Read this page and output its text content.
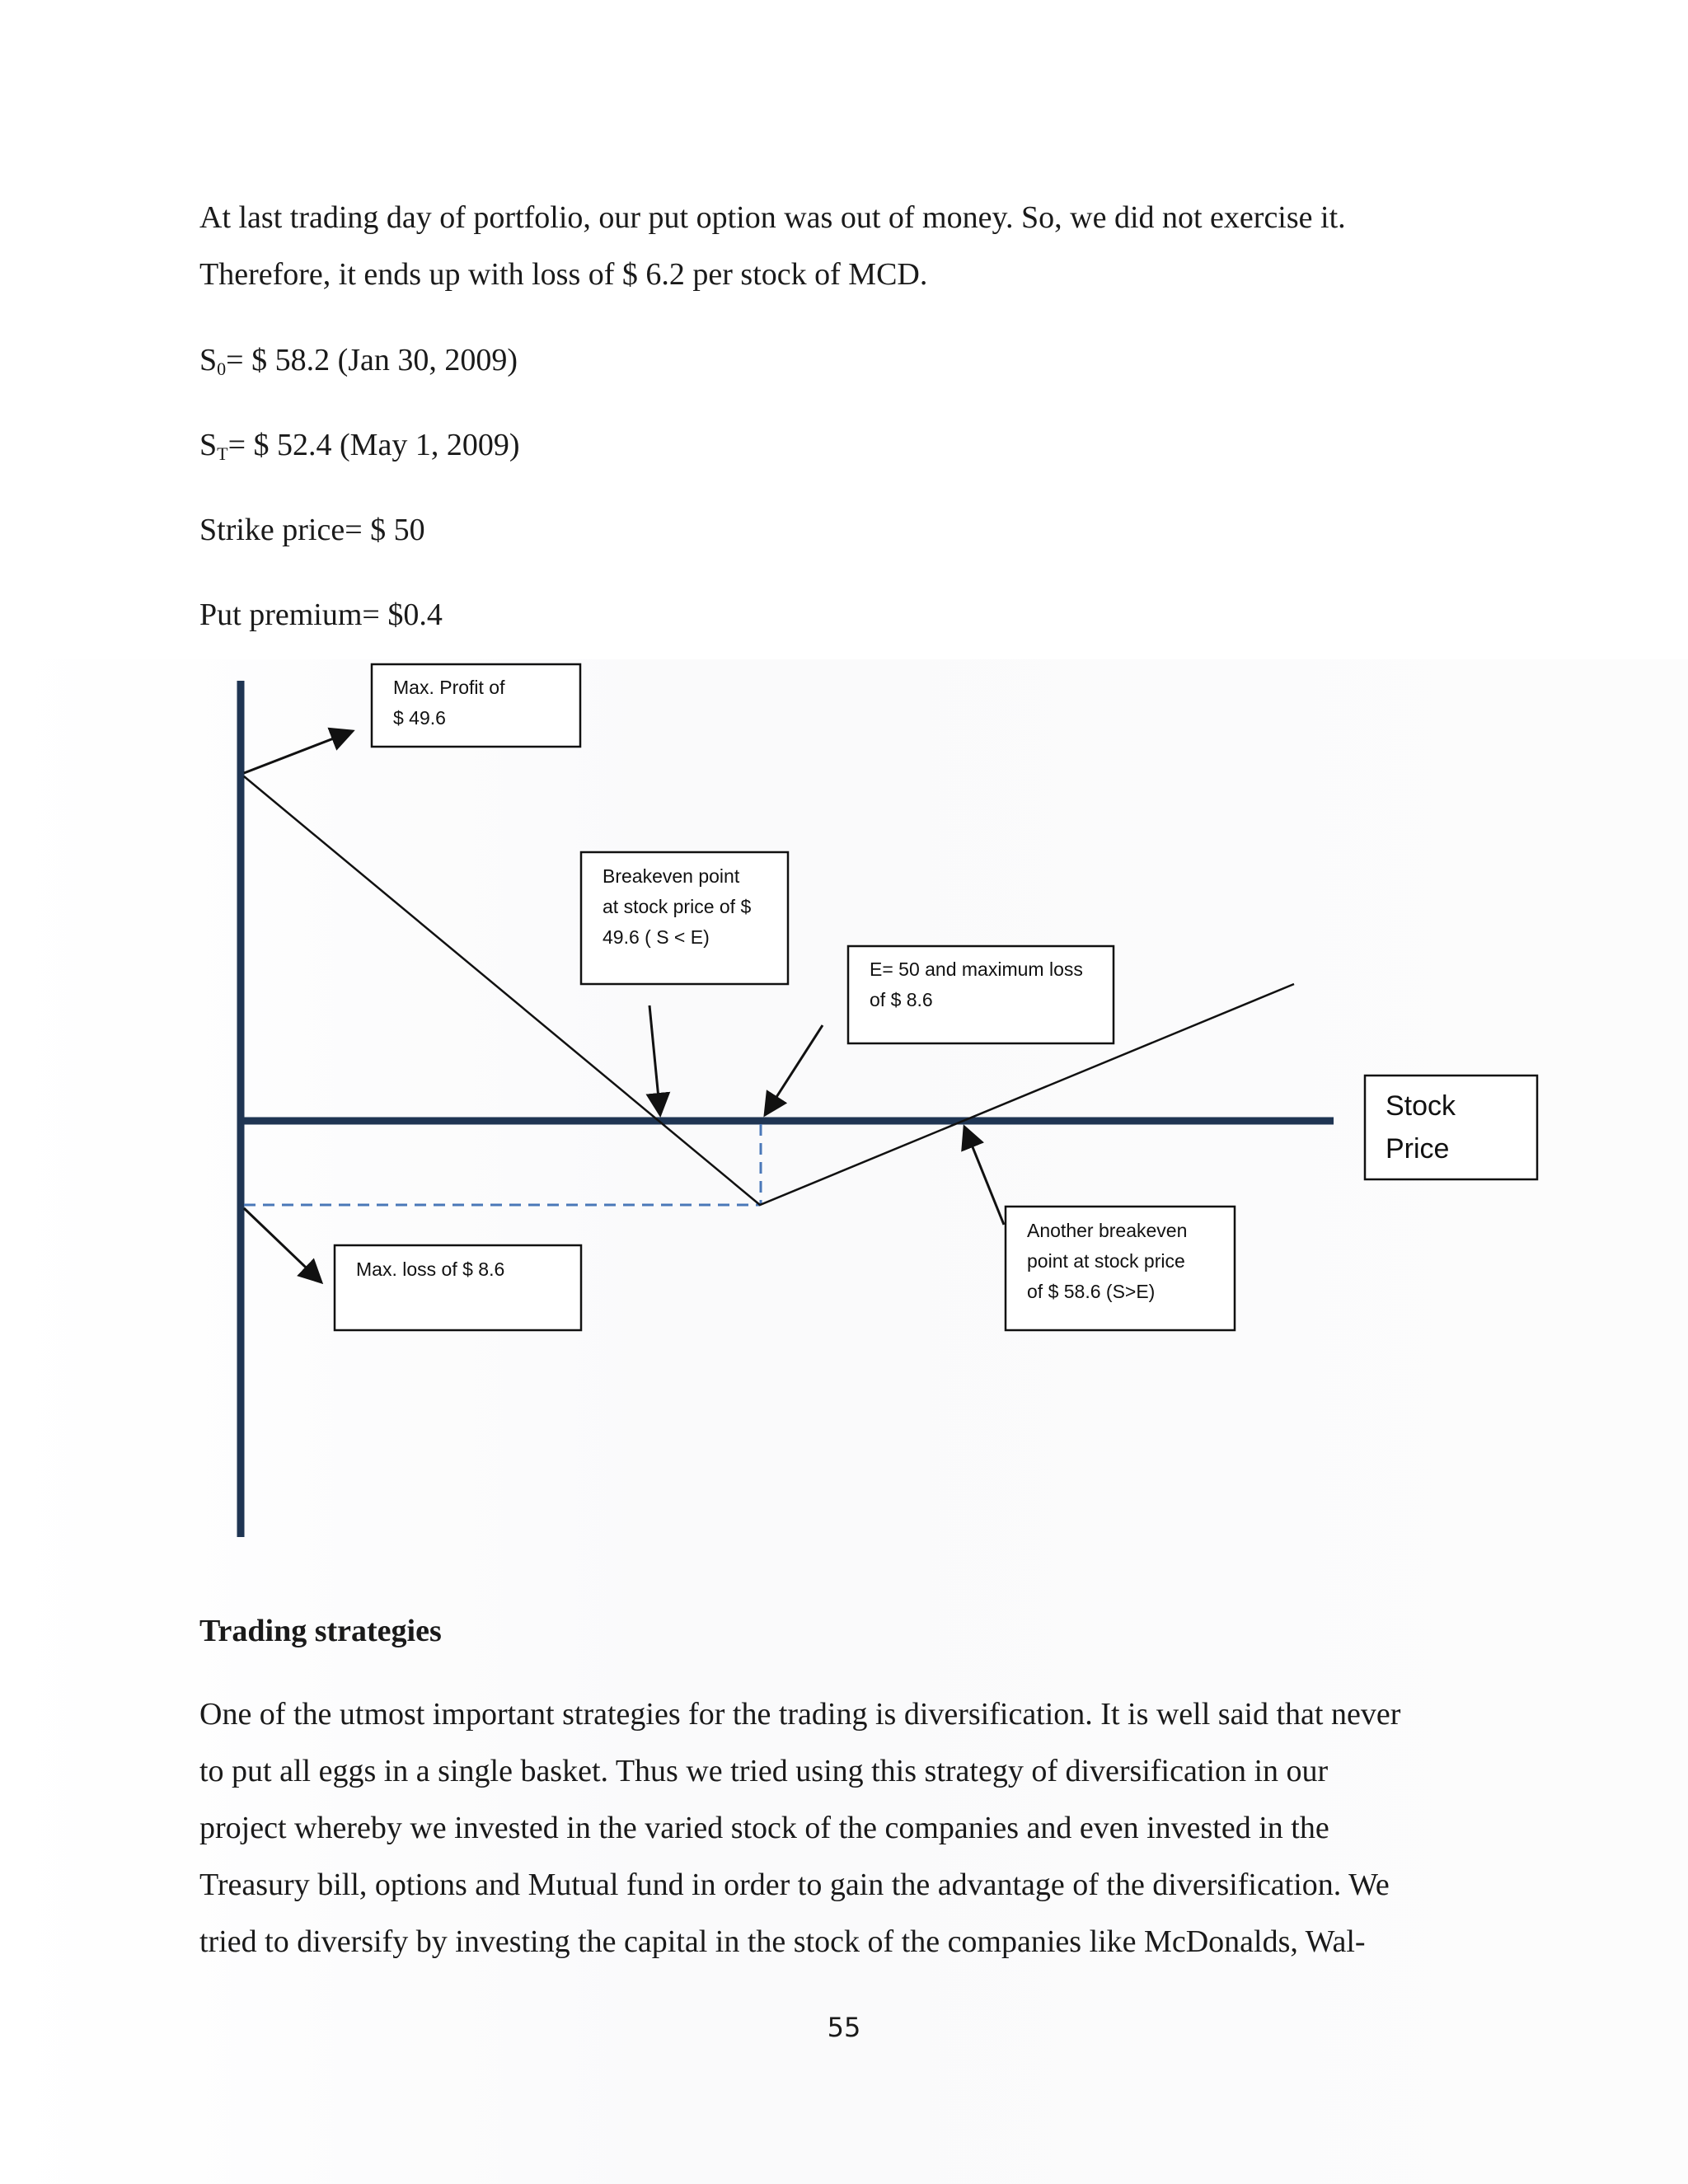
At last trading day of portfolio, our put option was out of money. So, we did not exercise it.

Therefore, it ends up with loss of $ 6.2 per stock of MCD.

$S_0=$ $ 58.2 (Jan 30, 2009)
$S_T=$ $ 52.4 (May 1, 2009)
Strike price= $ 50
Put premium= $0.4
Max. Profit of
$ 49.6
Breakeven point
at stock price of $
49.6 ( S < E)
E= 50 and maximum loss
of $ 8.6
Stock
Price
Max. loss of $ 8.6
Another breakeven
point at stock price
of $ 58.6 (S>E)
Trading strategies

One of the utmost important strategies for the trading is diversification. It is well said that never

to put all eggs in a single basket. Thus we tried using this strategy of diversification in our

project whereby we invested in the varied stock of the companies and even invested in the

Treasury bill, options and Mutual fund in order to gain the advantage of the diversification. We

tried to diversify by investing the capital in the stock of the companies like McDonalds, Wal-

55
